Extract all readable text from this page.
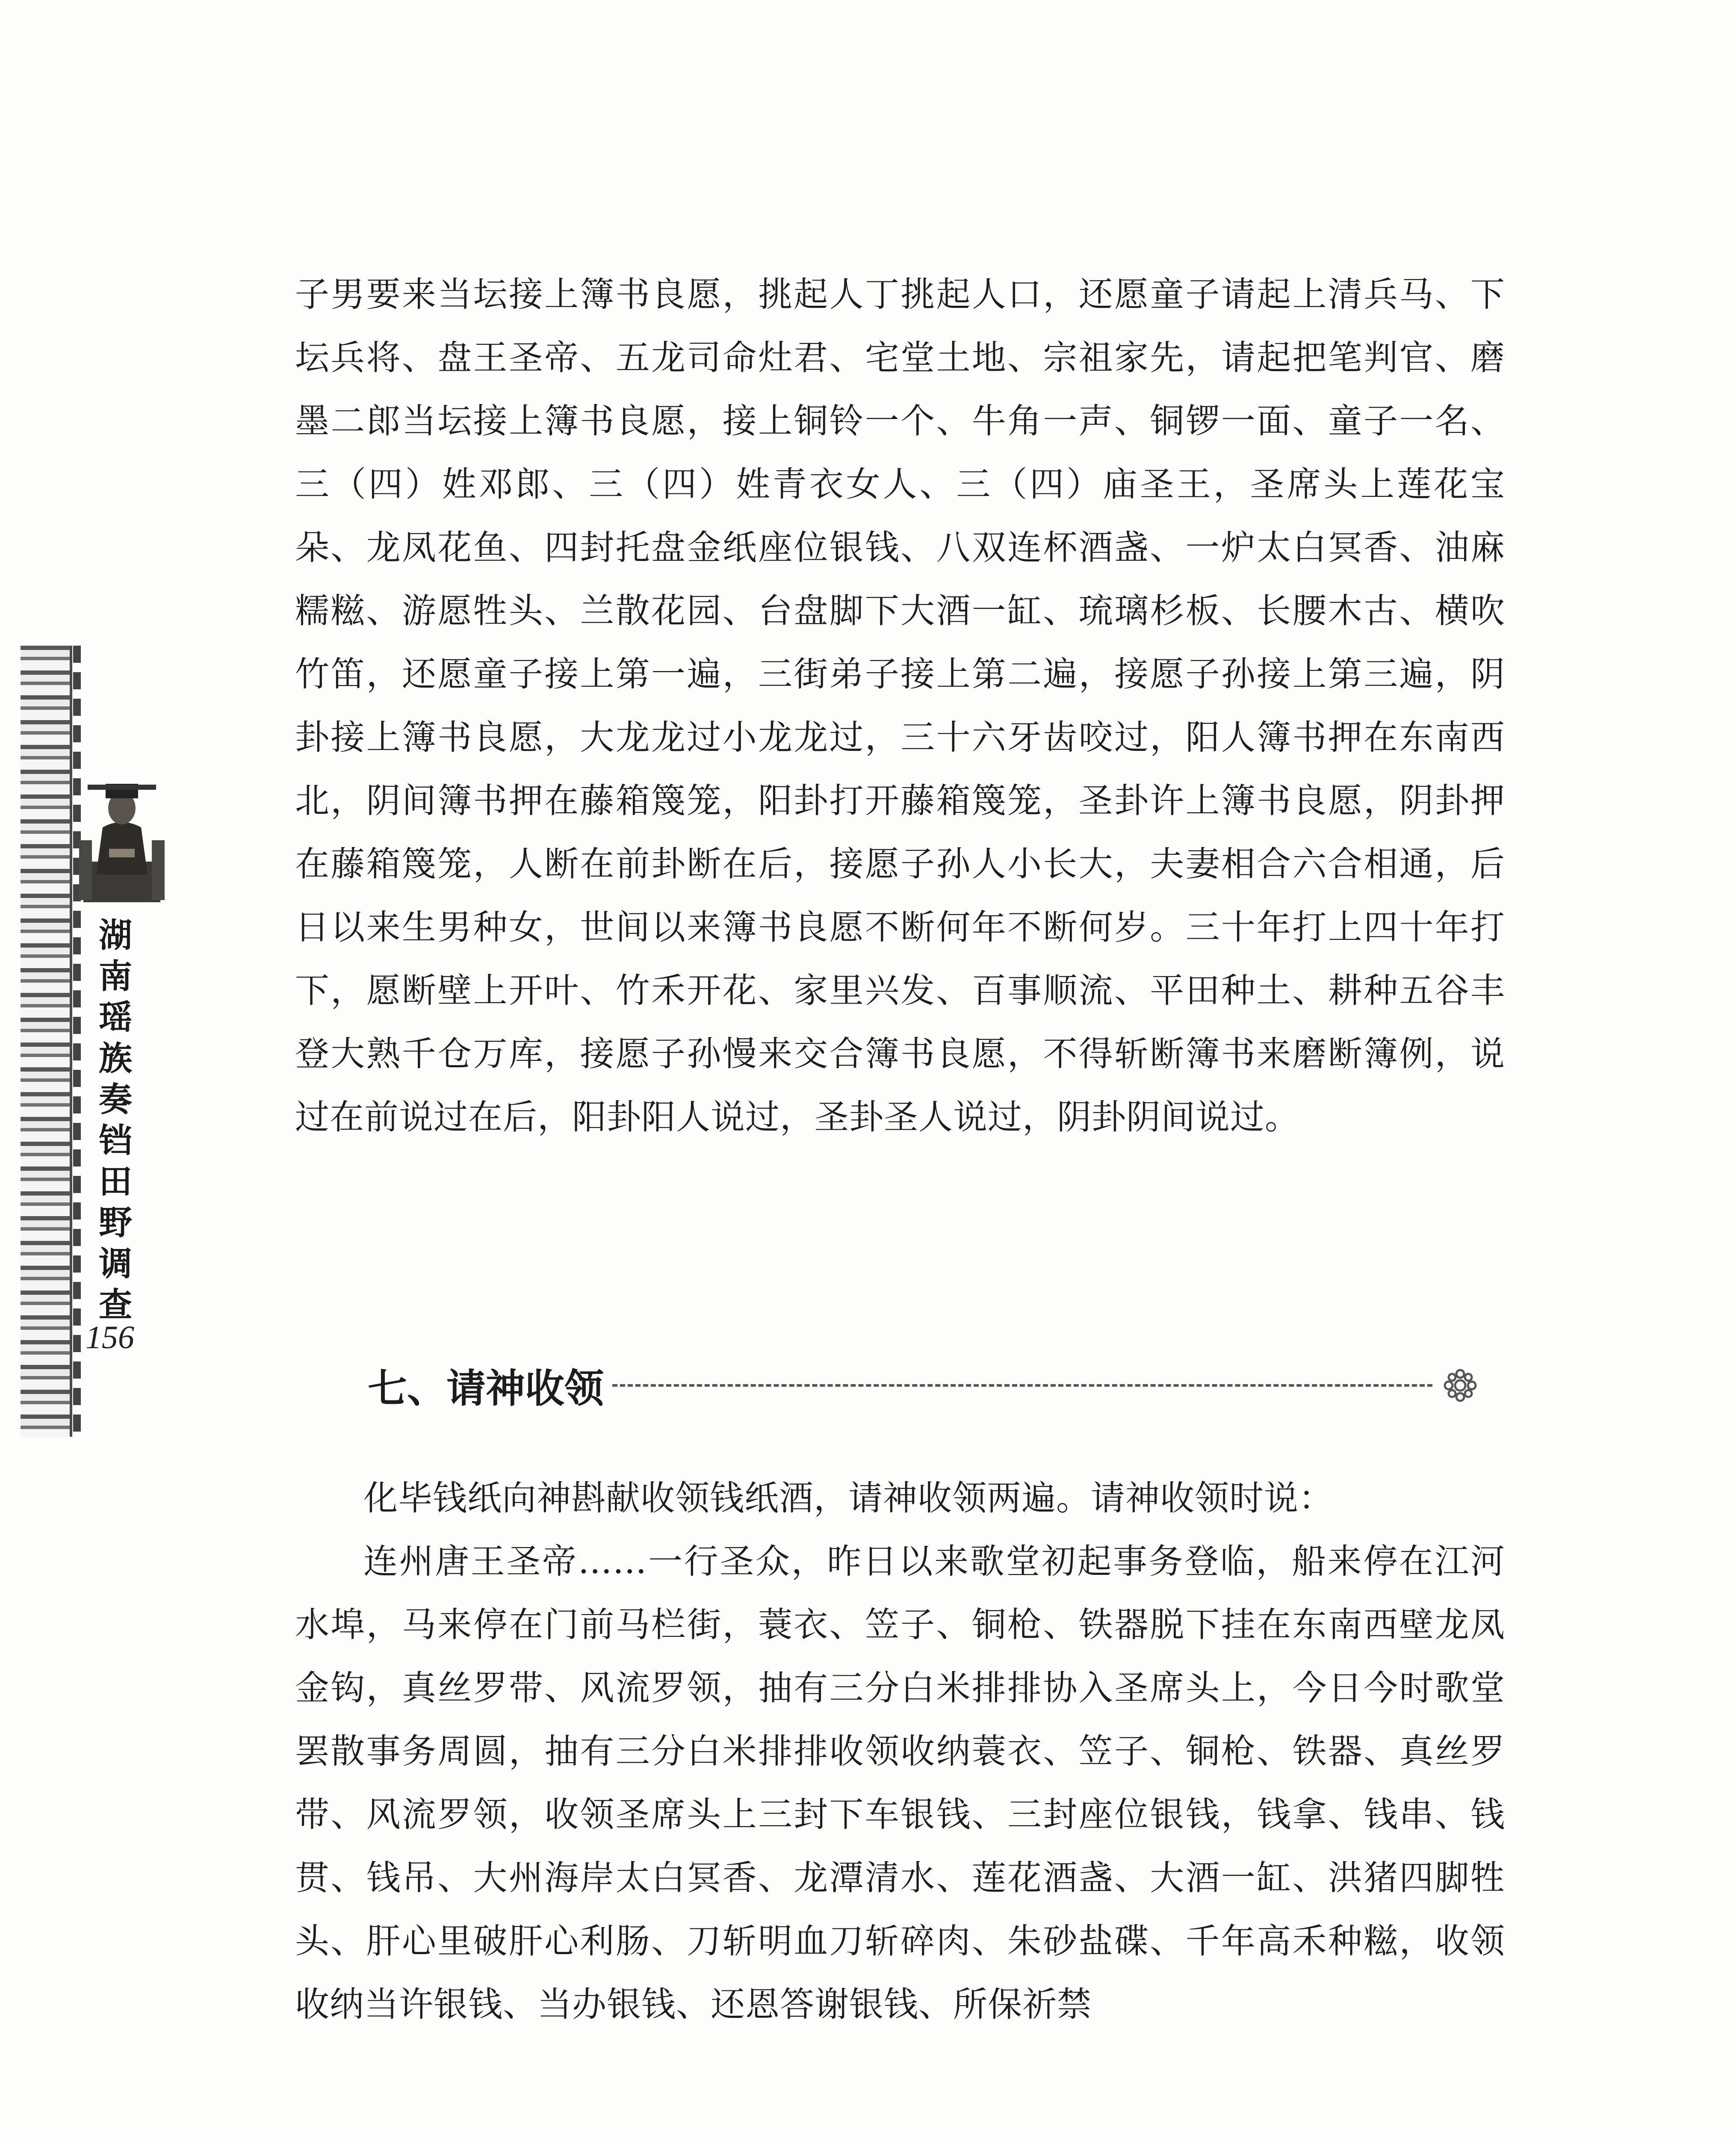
湖南瑶族奏铛田野调查
156

子男要来当坛接上簿书良愿，挑起人丁挑起人口，还愿童子请起上清兵马、下坛兵将、盘王圣帝、五龙司命灶君、宅堂土地、宗祖家先，请起把笔判官、磨墨二郎当坛接上簿书良愿，接上铜铃一个、牛角一声、铜锣一面、童子一名、三（四）姓邓郎、三（四）姓青衣女人、三（四）庙圣王，圣席头上莲花宝朵、龙凤花鱼、四封托盘金纸座位银钱、八双连杯酒盏、一炉太白冥香、油麻糯糍、游愿牲头、兰散花园、台盘脚下大酒一缸、琉璃杉板、长腰木古、横吹竹笛，还愿童子接上第一遍，三街弟子接上第二遍，接愿子孙接上第三遍，阴卦接上簿书良愿，大龙龙过小龙龙过，三十六牙齿咬过，阳人簿书押在东南西北，阴间簿书押在藤箱篾笼，阳卦打开藤箱篾笼，圣卦许上簿书良愿，阴卦押在藤箱篾笼，人断在前卦断在后，接愿子孙人小长大，夫妻相合六合相通，后日以来生男种女，世间以来簿书良愿不断何年不断何岁。三十年打上四十年打下，愿断壁上开叶、竹禾开花、家里兴发、百事顺流、平田种土、耕种五谷丰登大熟千仓万库，接愿子孙慢来交合簿书良愿，不得斩断簿书来磨断簿例，说过在前说过在后，阳卦阳人说过，圣卦圣人说过，阴卦阴间说过。

七、请神收领

化毕钱纸向神斟献收领钱纸酒，请神收领两遍。请神收领时说：

连州唐王圣帝……一行圣众，昨日以来歌堂初起事务登临，船来停在江河水埠，马来停在门前马栏街，蓑衣、笠子、铜枪、铁器脱下挂在东南西壁龙凤金钩，真丝罗带、风流罗领，抽有三分白米排排协入圣席头上，今日今时歌堂罢散事务周圆，抽有三分白米排排收领收纳蓑衣、笠子、铜枪、铁器、真丝罗带、风流罗领，收领圣席头上三封下车银钱、三封座位银钱，钱拿、钱串、钱贯、钱吊、大州海岸太白冥香、龙潭清水、莲花酒盏、大酒一缸、洪猪四脚牲头、肝心里破肝心利肠、刀斩明血刀斩碎肉、朱砂盐碟、千年高禾种糍，收领收纳当许银钱、当办银钱、还恩答谢银钱、所保祈禁
